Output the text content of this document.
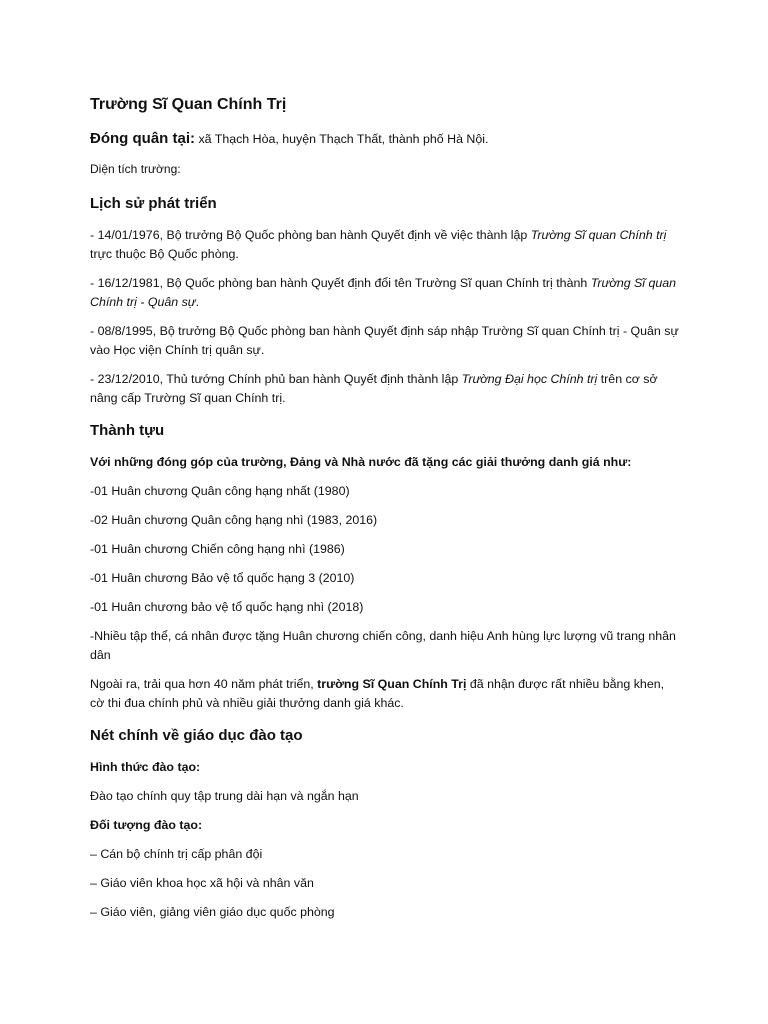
Trường Sĩ Quan Chính Trị
Đóng quân tại: xã Thạch Hòa, huyện Thạch Thất, thành phố Hà Nội.
Diện tích trường:
Lịch sử phát triển
- 14/01/1976, Bộ trưởng Bộ Quốc phòng ban hành Quyết định về việc thành lập Trường Sĩ quan Chính trị trực thuộc Bộ Quốc phòng.
- 16/12/1981, Bộ Quốc phòng ban hành Quyết định đổi tên Trường Sĩ quan Chính trị thành Trường Sĩ quan Chính trị - Quân sự.
- 08/8/1995, Bộ trưởng Bộ Quốc phòng ban hành Quyết định sáp nhập Trường Sĩ quan Chính trị - Quân sự vào Học viện Chính trị quân sự.
- 23/12/2010, Thủ tướng Chính phủ ban hành Quyết định thành lập Trường Đại học Chính trị trên cơ sở nâng cấp Trường Sĩ quan Chính trị.
Thành tựu
Với những đóng góp của trường, Đảng và Nhà nước đã tặng các giải thưởng danh giá như:
-01 Huân chương Quân công hạng nhất (1980)
-02 Huân chương Quân công hạng nhì (1983, 2016)
-01 Huân chương Chiến công hạng nhì (1986)
-01 Huân chương Bảo vệ tổ quốc hạng 3 (2010)
-01 Huân chương bảo vệ tổ quốc hạng nhì (2018)
-Nhiều tập thể, cá nhân được tặng Huân chương chiến công, danh hiệu Anh hùng lực lượng vũ trang nhân dân
Ngoài ra, trải qua hơn 40 năm phát triển, trường Sĩ Quan Chính Trị đã nhận được rất nhiều bằng khen, cờ thi đua chính phủ và nhiều giải thưởng danh giá khác.
Nét chính về giáo dục đào tạo
Hình thức đào tạo:
Đào tạo chính quy tập trung dài hạn và ngắn hạn
Đối tượng đào tạo:
– Cán bộ chính trị cấp phân đội
– Giáo viên khoa học xã hội và nhân văn
– Giáo viên, giảng viên giáo dục quốc phòng
